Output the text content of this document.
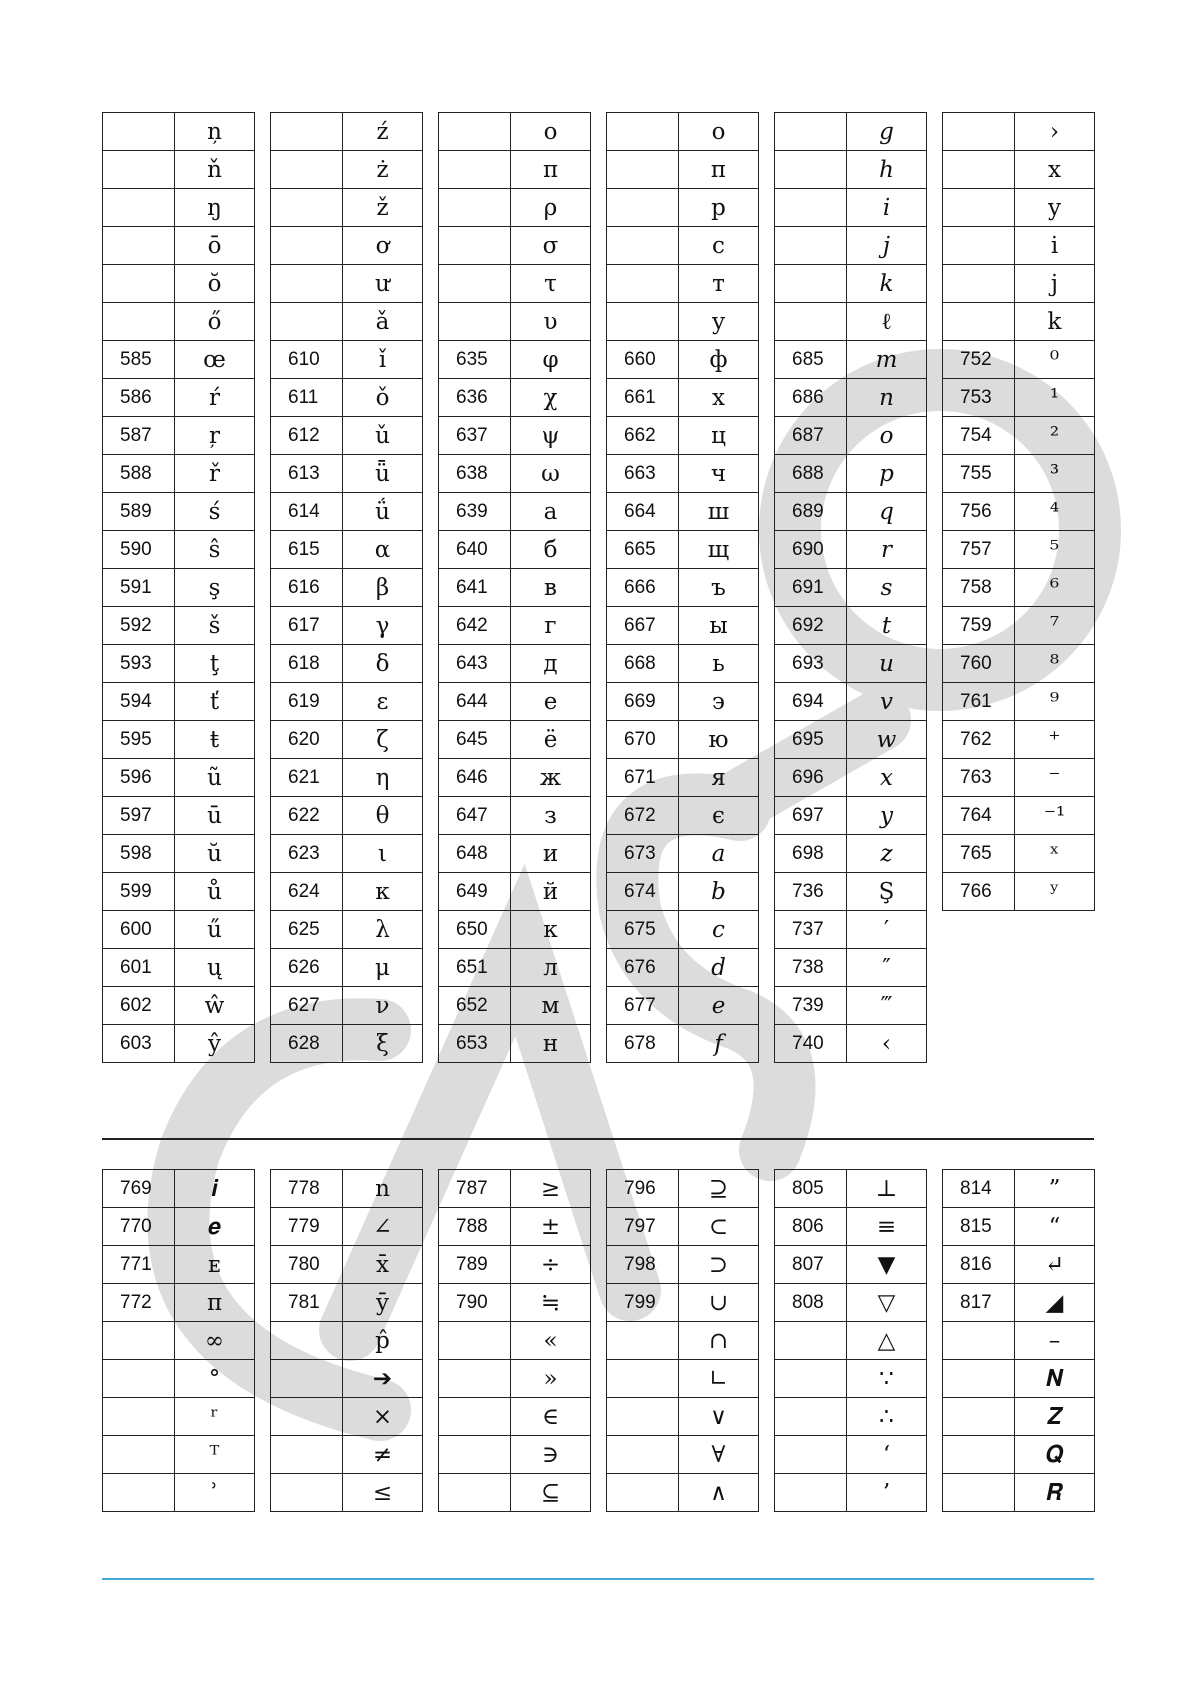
	ņ
	ň
	ŋ
	ō
	ŏ
	ő
585	œ
586	ŕ
587	ŗ
588	ř
589	ś
590	ŝ
591	ş
592	š
593	ţ
594	ť
595	ŧ
596	ũ
597	ū
598	ŭ
599	ů
600	ű
601	ų
602	ŵ
603	ŷ
	ź
	ż
	ž
	ơ
	ư
	ǎ
610	ǐ
611	ǒ
612	ǔ
613	ǖ
614	ǘ
615	α
616	β
617	γ
618	δ
619	ε
620	ζ
621	η
622	θ
623	ι
624	κ
625	λ
626	μ
627	ν
628	ξ
	ο
	π
	ρ
	σ
	τ
	υ
635	φ
636	χ
637	ψ
638	ω
639	а
640	б
641	в
642	г
643	д
644	е
645	ё
646	ж
647	з
648	и
649	й
650	к
651	л
652	м
653	н
	о
	п
	р
	с
	т
	у
660	ф
661	х
662	ц
663	ч
664	ш
665	щ
666	ъ
667	ы
668	ь
669	э
670	ю
671	я
672	є
673	𝑎
674	𝑏
675	𝑐
676	𝑑
677	𝑒
678	𝑓
	𝑔
	ℎ
	𝑖
	𝑗
	𝑘
	ℓ
685	𝑚
686	𝑛
687	𝑜
688	𝑝
689	𝑞
690	𝑟
691	𝑠
692	𝑡
693	𝑢
694	𝑣
695	𝑤
696	𝑥
697	𝑦
698	𝑧
736	Ş
737	′
738	″
739	‴
740	‹
	›
	x
	y
	i
	j
	k
752	⁰
753	¹
754	²
755	³
756	⁴
757	⁵
758	⁶
759	⁷
760	⁸
761	⁹
762	⁺
763	⁻
764	⁻¹
765	ˣ
766	ʸ
769	𝒊
770	𝒆
771	ᴇ
772	π
	∞
	°
	ʳ
	ᵀ
	ʾ
778	n
779	∠
780	x̄
781	ȳ
	p̂
	➔
	×
	≠
	≤
787	≥
788	±
789	÷
790	≒
	«
	»
	∈
	∋
	⊆
796	⊇
797	⊂
798	⊃
799	∪
	∩
	∟
	∨
	∀
	∧
805	⊥
806	≡
807	▼
808	▽
	△
	∵
	∴
	‘
	’
814	”
815	“
816	↵
817	◢
	–
	𝑵
	𝒁
	𝑸
	𝑹
